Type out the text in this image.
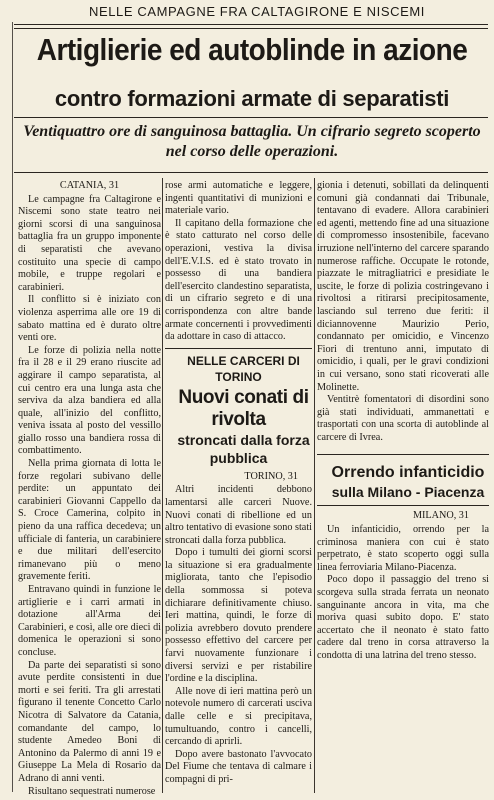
NELLE CAMPAGNE FRA CALTAGIRONE E NISCEMI
Artiglierie ed autoblinde in azione
contro formazioni armate di separatisti
Ventiquattro ore di sanguinosa battaglia. Un cifrario segreto scoperto nel corso delle operazioni.

CATANIA, 31

Le campagne fra Caltagirone e Niscemi sono state teatro nei giorni scorsi di una sanguinosa battaglia fra un gruppo imponente di separatisti che avevano costituito una specie di campo mobile, e truppe regolari e carabinieri.

Il conflitto si è iniziato con violenza asperrima alle ore 19 di sabato mattina ed è durato oltre venti ore.

Le forze di polizia nella notte fra il 28 e il 29 erano riuscite ad aggirare il campo separatista, al cui centro era una lunga asta che serviva da alza bandiera ed alla quale, all'inizio del conflitto, veniva issata al posto del vessillo giallo rosso una bandiera rossa di combattimento.

Nella prima giornata di lotta le forze regolari subivano delle perdite: un appuntato dei carabinieri Giovanni Cappello da S. Croce Camerina, colpito in pieno da una raffica decedeva; un ufficiale di fanteria, un carabiniere e due militari dell'esercito rimanevano più o meno gravemente feriti.

Entravano quindi in funzione le artiglierie e i carri armati in dotazione all'Arma dei Carabinieri, e così, alle ore dieci di domenica le operazioni si sono concluse.

Da parte dei separatisti si sono avute perdite consistenti in due morti e sei feriti. Tra gli arrestati figurano il tenente Concetto Carlo Nicotra di Salvatore da Catania, comandante del campo, lo studente Amedeo Boni di Antonino da Palermo di anni 19 e Giuseppe La Mela di Rosario da Adrano di anni venti.

Risultano sequestrati numerose

rose armi automatiche e leggere, ingenti quantitativi di munizioni e materiale vario.

Il capitano della formazione che è stato catturato nel corso delle operazioni, vestiva la divisa dell'E.V.I.S. ed è stato trovato in possesso di una bandiera dell'esercito clandestino separatista, di un cifrario segreto e di una corrispondenza con altre bande armate concernenti i provvedimenti da adottare in caso di attacco.

NELLE CARCERI DI TORINO

Nuovi conati di rivolta

stroncati dalla forza pubblica

TORINO, 31

Altri incidenti debbono lamentarsi alle carceri Nuove. Nuovi conati di ribellione ed un altro tentativo di evasione sono stati stroncati dalla forza pubblica.

Dopo i tumulti dei giorni scorsi la situazione si era gradualmente migliorata, tanto che l'episodio della sommossa si poteva dichiarare definitivamente chiuso. Ieri mattina, quindi, le forze di polizia avrebbero dovuto prendere possesso effettivo del carcere per farvi nuovamente funzionare i diversi servizi e per ristabilire l'ordine e la disciplina.

Alle nove di ieri mattina però un notevole numero di carcerati usciva dalle celle e si precipitava, tumultuando, contro i cancelli, cercando di aprirli.

Dopo avere bastonato l'avvocato Del Fiume che tentava di calmare i compagni di pri-

gionia i detenuti, sobillati da delinquenti comuni già condannati dai Tribunale, tentavano di evadere. Allora carabinieri ed agenti, mettendo fine ad una situazione di compromesso insostenibile, facevano irruzione nell'interno del carcere sparando numerose raffiche. Occupate le rotonde, piazzate le mitragliatrici e presidiate le uscite, le forze di polizia costringevano i rivoltosi a ritirarsi precipitosamente, lasciando sul terreno due feriti: il diciannovenne Maurizio Perio, condannato per omicidio, e Vincenzo Fiori di trentuno anni, imputato di omicidio, i quali, per le gravi condizioni in cui versano, sono stati ricoverati alle Molinette.

Ventitrè fomentatori di disordini sono già stati individuati, ammanettati e trasportati con una scorta di autoblinde al carcere di Ivrea.

Orrendo infanticidio

sulla Milano - Piacenza

MILANO, 31

Un infanticidio, orrendo per la criminosa maniera con cui è stato perpetrato, è stato scoperto oggi sulla linea ferroviaria Milano-Piacenza.

Poco dopo il passaggio del treno si scorgeva sulla strada ferrata un neonato sanguinante ancora in vita, ma che moriva quasi subito dopo. E' stato accertato che il neonato è stato fatto cadere dal treno in corsa attraverso la condotta di una latrina del treno stesso.
